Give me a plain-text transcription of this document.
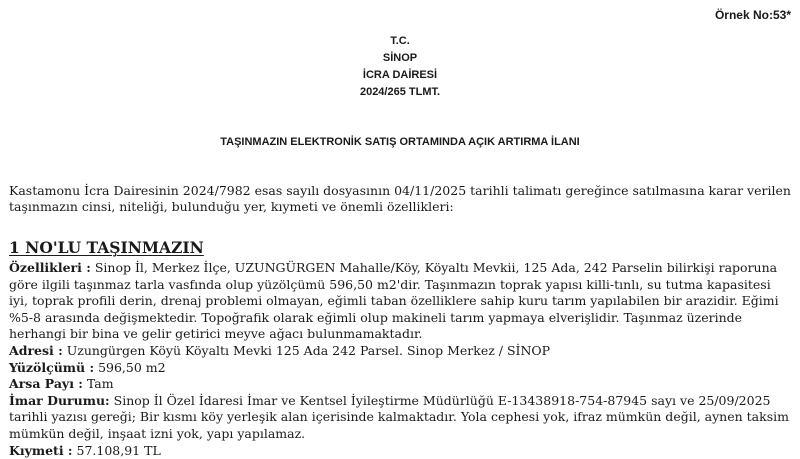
Örnek No:53*
T.C.
SİNOP
İCRA DAİRESİ
2024/265 TLMT.
TAŞINMAZIN ELEKTRONİK SATIŞ ORTAMINDA AÇIK ARTIRMA İLANI
Kastamonu İcra Dairesinin 2024/7982 esas sayılı dosyasının 04/11/2025 tarihli talimatı gereğince satılmasına karar verilen taşınmazın cinsi, niteliği, bulunduğu yer, kıymeti ve önemli özellikleri:
1 NO'LU TAŞINMAZIN

Özellikleri : Sinop İl, Merkez İlçe, UZUNGÜRGEN Mahalle/Köy, Köyaltı Mevkii, 125 Ada, 242 Parselin bilirkişi raporuna göre ilgili taşınmaz tarla vasfında olup yüzölçümü 596,50 m2'dir. Taşınmazın toprak yapısı killi-tınlı, su tutma kapasitesi iyi, toprak profili derin, drenaj problemi olmayan, eğimli taban özelliklere sahip kuru tarım yapılabilen bir arazidir. Eğimi %5-8 arasında değişmektedir. Topoğrafik olarak eğimli olup makineli tarım yapmaya elverişlidir. Taşınmaz üzerinde herhangi bir bina ve gelir getirici meyve ağacı bulunmamaktadır.

Adresi : Uzungürgen Köyü Köyaltı Mevki 125 Ada 242 Parsel. Sinop Merkez / SİNOP

Yüzölçümü : 596,50 m2

Arsa Payı : Tam

İmar Durumu: Sinop İl Özel İdaresi İmar ve Kentsel İyileştirme Müdürlüğü E-13438918-754-87945 sayı ve 25/09/2025 tarihli yazısı gereği; Bir kısmı köy yerleşik alan içerisinde kalmaktadır. Yola cephesi yok, ifraz mümkün değil, aynen taksim mümkün değil, inşaat izni yok, yapı yapılamaz.

Kıymeti : 57.108,91 TL
